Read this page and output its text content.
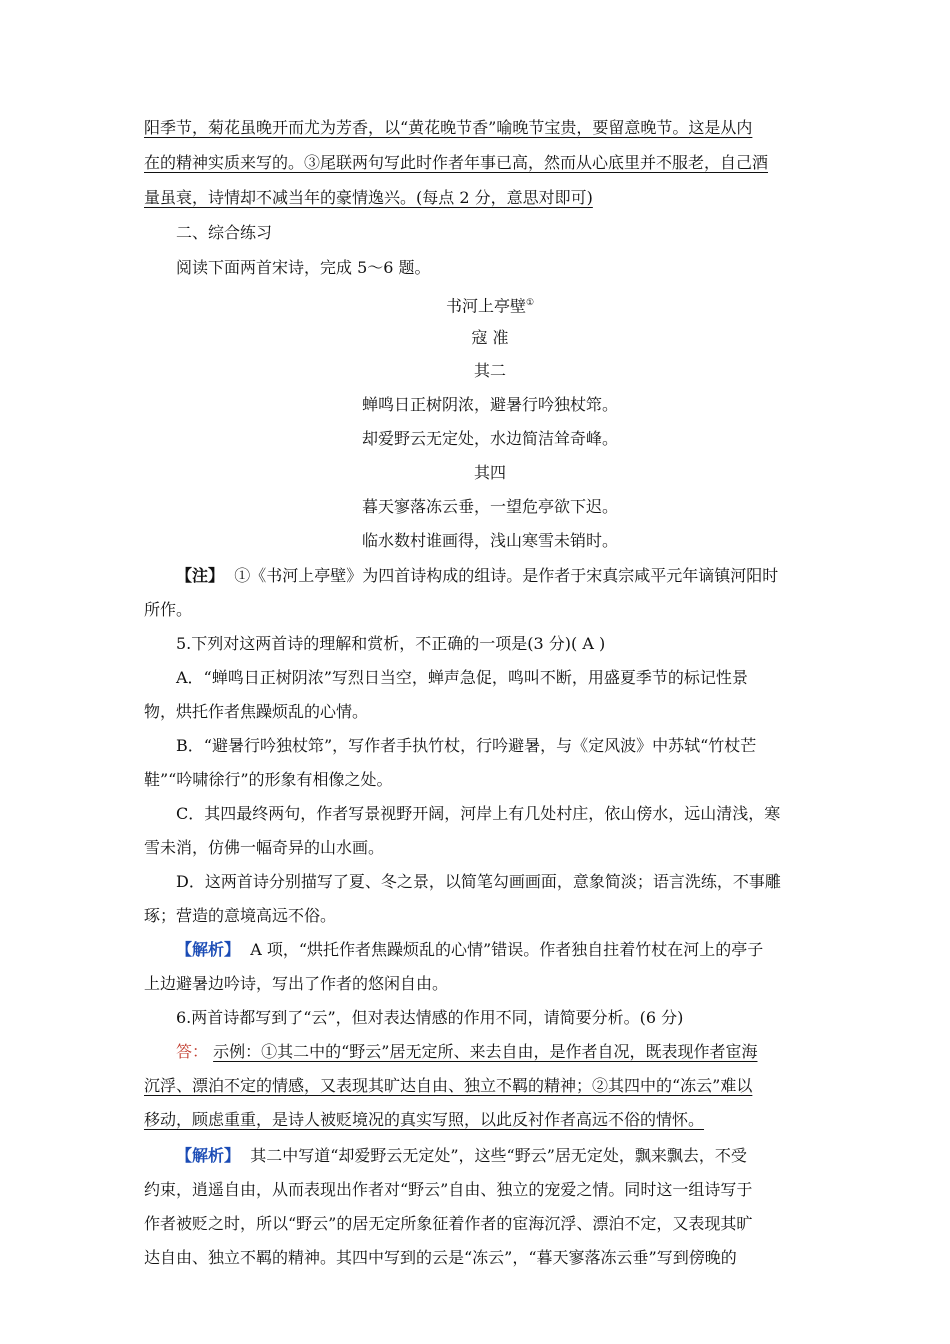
阳季节，菊花虽晚开而尤为芳香，以“黄花晚节香”喻晚节宝贵，要留意晚节。这是从内
在的精神实质来写的。③尾联两句写此时作者年事已高，然而从心底里并不服老，自己酒
量虽衰，诗情却不减当年的豪情逸兴。(每点 2 分，意思对即可)
二、综合练习
阅读下面两首宋诗，完成 5～6 题。
书河上亭壁①
寇 准
其二
蝉鸣日正树阴浓，避暑行吟独杖筇。
却爱野云无定处，水边简洁耸奇峰。
其四
暮天寥落冻云垂，一望危亭欲下迟。
临水数村谁画得，浅山寒雪未销时。
【注】 ①《书河上亭壁》为四首诗构成的组诗。是作者于宋真宗咸平元年谪镇河阳时
所作。
5.下列对这两首诗的理解和赏析，不正确的一项是(3 分)( A )
A．“蝉鸣日正树阴浓”写烈日当空，蝉声急促，鸣叫不断，用盛夏季节的标记性景
物，烘托作者焦躁烦乱的心情。
B．“避暑行吟独杖筇”，写作者手执竹杖，行吟避暑，与《定风波》中苏轼“竹杖芒
鞋”“吟啸徐行”的形象有相像之处。
C．其四最终两句，作者写景视野开阔，河岸上有几处村庄，依山傍水，远山清浅，寒
雪未消，仿佛一幅奇异的山水画。
D．这两首诗分别描写了夏、冬之景，以简笔勾画画面，意象简淡；语言洗练，不事雕
琢；营造的意境高远不俗。
【解析】 A 项，“烘托作者焦躁烦乱的心情”错误。作者独自拄着竹杖在河上的亭子
上边避暑边吟诗，写出了作者的悠闲自由。
6.两首诗都写到了“云”，但对表达情感的作用不同，请简要分析。(6 分)
答： 示例：①其二中的“野云”居无定所、来去自由，是作者自况，既表现作者宦海
沉浮、漂泊不定的情感，又表现其旷达自由、独立不羁的精神；②其四中的“冻云”难以
移动，顾虑重重，是诗人被贬境况的真实写照，以此反衬作者高远不俗的情怀。
【解析】 其二中写道“却爱野云无定处”，这些“野云”居无定处，飘来飘去，不受
约束，逍遥自由，从而表现出作者对“野云”自由、独立的宠爱之情。同时这一组诗写于
作者被贬之时，所以“野云”的居无定所象征着作者的宦海沉浮、漂泊不定，又表现其旷
达自由、独立不羁的精神。其四中写到的云是“冻云”，“暮天寥落冻云垂”写到傍晚的
